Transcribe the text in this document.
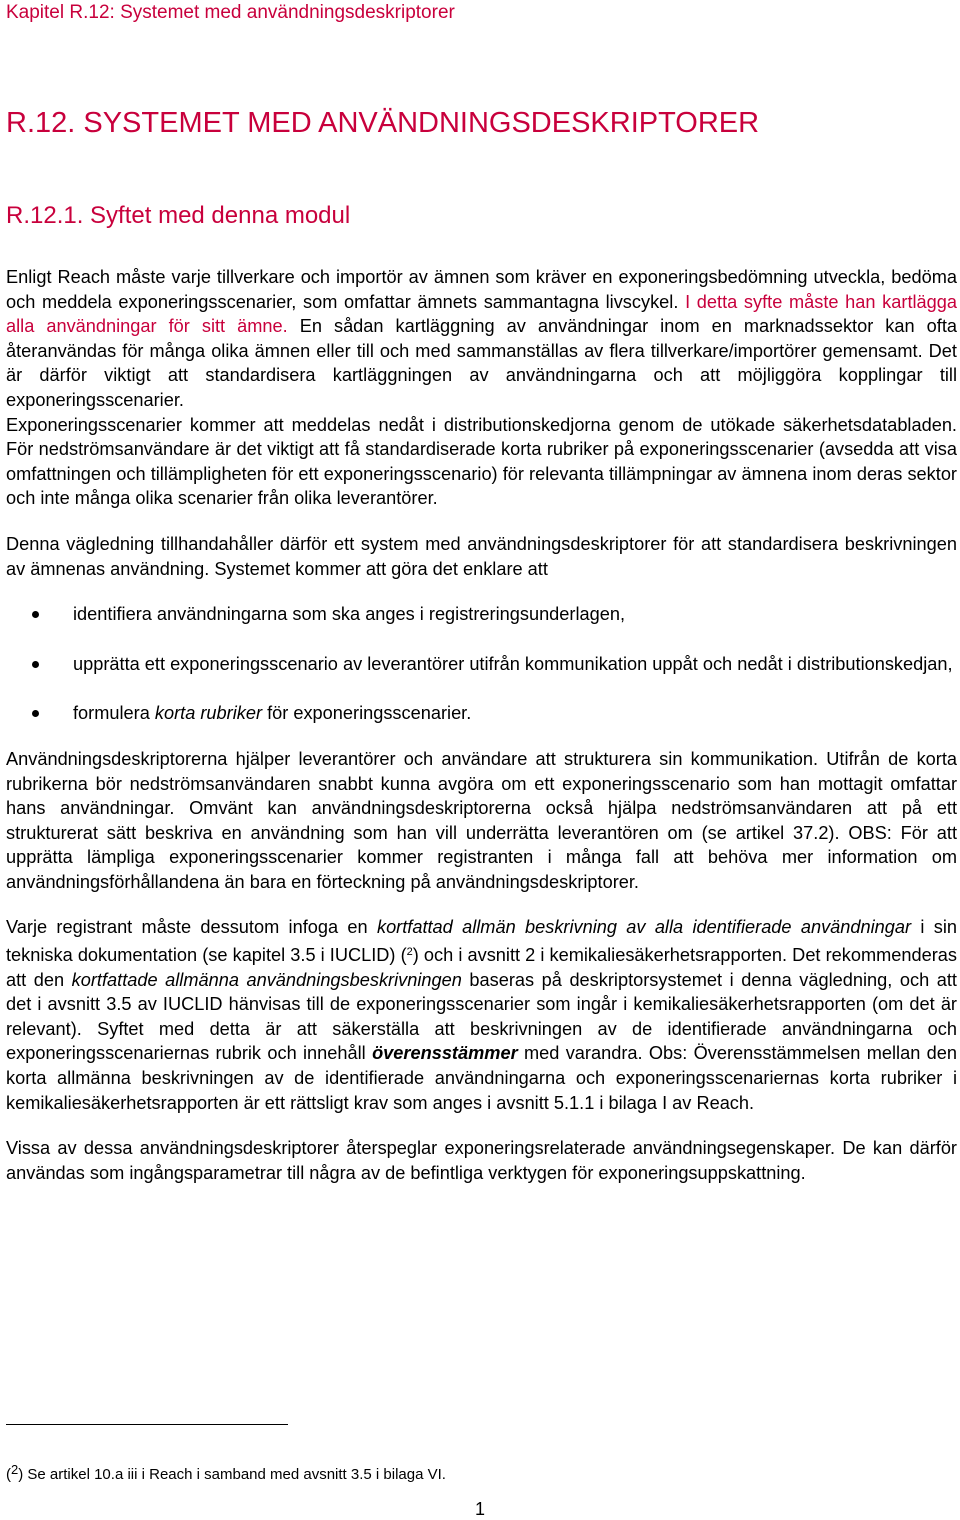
Kapitel R.12: Systemet med användningsdeskriptorer
R.12. SYSTEMET MED ANVÄNDNINGSDESKRIPTORER
R.12.1. Syftet med denna modul

Enligt Reach måste varje tillverkare och importör av ämnen som kräver en exponeringsbedömning utveckla, bedöma och meddela exponeringsscenarier, som omfattar ämnets sammantagna livscykel. I detta syfte måste han kartlägga alla användningar för sitt ämne. En sådan kartläggning av användningar inom en marknadssektor kan ofta återanvändas för många olika ämnen eller till och med sammanställas av flera tillverkare/importörer gemensamt. Det är därför viktigt att standardisera kartläggningen av användningarna och att möjliggöra kopplingar till exponeringsscenarier.
Exponeringsscenarier kommer att meddelas nedåt i distributionskedjorna genom de utökade säkerhetsdatabladen. För nedströmsanvändare är det viktigt att få standardiserade korta rubriker på exponeringsscenarier (avsedda att visa omfattningen och tillämpligheten för ett exponeringsscenario) för relevanta tillämpningar av ämnena inom deras sektor och inte många olika scenarier från olika leverantörer.

Denna vägledning tillhandahåller därför ett system med användningsdeskriptorer för att standardisera beskrivningen av ämnenas användning. Systemet kommer att göra det enklare att

identifiera användningarna som ska anges i registreringsunderlagen,
upprätta ett exponeringsscenario av leverantörer utifrån kommunikation uppåt och nedåt i distributionskedjan,
formulera korta rubriker för exponeringsscenarier.

Användningsdeskriptorerna hjälper leverantörer och användare att strukturera sin kommunikation. Utifrån de korta rubrikerna bör nedströmsanvändaren snabbt kunna avgöra om ett exponeringsscenario som han mottagit omfattar hans användningar. Omvänt kan användningsdeskriptorerna också hjälpa nedströmsanvändaren att på ett strukturerat sätt beskriva en användning som han vill underrätta leverantören om (se artikel 37.2). OBS: För att upprätta lämpliga exponeringsscenarier kommer registranten i många fall att behöva mer information om användningsförhållandena än bara en förteckning på användningsdeskriptorer.

Varje registrant måste dessutom infoga en kortfattad allmän beskrivning av alla identifierade användningar i sin tekniska dokumentation (se kapitel 3.5 i IUCLID) ($^2$) och i avsnitt 2 i kemikaliesäkerhetsrapporten. Det rekommenderas att den kortfattade allmänna användningsbeskrivningen baseras på deskriptorsystemet i denna vägledning, och att det i avsnitt 3.5 av IUCLID hänvisas till de exponeringsscenarier som ingår i kemikaliesäkerhetsrapporten (om det är relevant). Syftet med detta är att säkerställa att beskrivningen av de identifierade användningarna och exponeringsscenariernas rubrik och innehåll överensstämmer med varandra. Obs: Överensstämmelsen mellan den korta allmänna beskrivningen av de identifierade användningarna och exponeringsscenariernas korta rubriker i kemikaliesäkerhetsrapporten är ett rättsligt krav som anges i avsnitt 5.1.1 i bilaga I av Reach.

Vissa av dessa användningsdeskriptorer återspeglar exponeringsrelaterade användningsegenskaper. De kan därför användas som ingångsparametrar till några av de befintliga verktygen för exponeringsuppskattning.

(2) Se artikel 10.a iii i Reach i samband med avsnitt 3.5 i bilaga VI.
1
